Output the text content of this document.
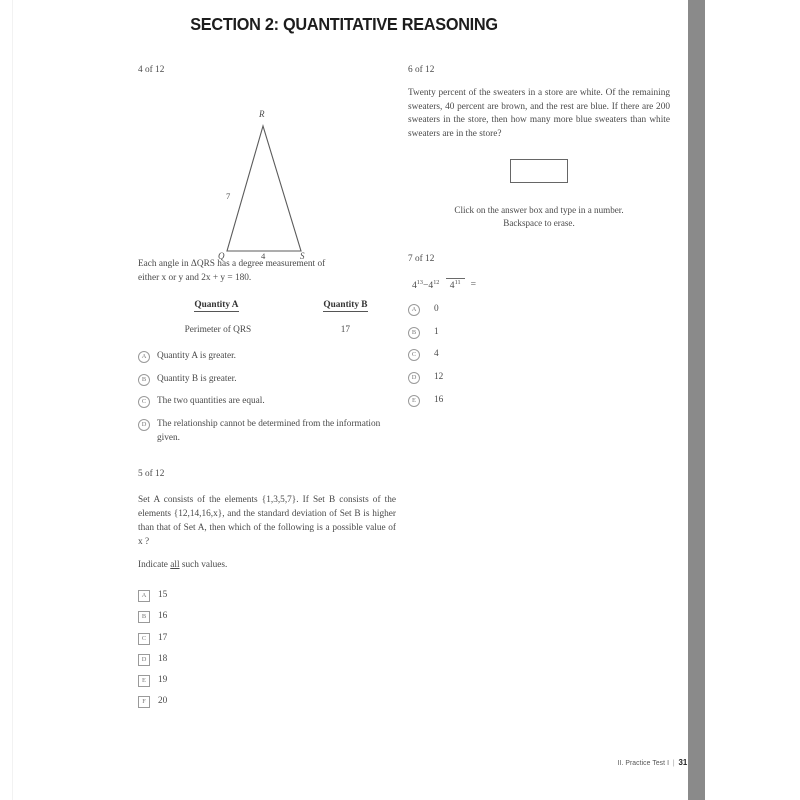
SECTION 2: QUANTITATIVE REASONING

4 of 12

R
Q	S
7
4

Each angle in ΔQRS has a degree measurement of

either x or y and 2x + y = 180.

Quantity A	Quantity B
Perimeter of QRS	17
A	Quantity A is greater.
B	Quantity B is greater.
C	The two quantities are equal.
D	The relationship cannot be determined from the information given.

5 of 12

Set A consists of the elements {1,3,5,7}. If Set B consists of the elements {12,14,16,x}, and the standard deviation of Set B is higher than that of Set A, then which of the following is a possible value of x ?

Indicate all such values.

A	15
B	16
C	17
D	18
E	19
F	20

6 of 12

Twenty percent of the sweaters in a store are white. Of the remaining sweaters, 40 percent are brown, and the rest are blue. If there are 200 sweaters in the store, then how many more blue sweaters than white sweaters are in the store?

Click on the answer box and type in a number.
Backspace to erase.

7 of 12

$4^{13}-4^{12}$ $4^{11}$	=
A	0
B	1
C	4
D	12
E	16
II. Practice Test I | 31
